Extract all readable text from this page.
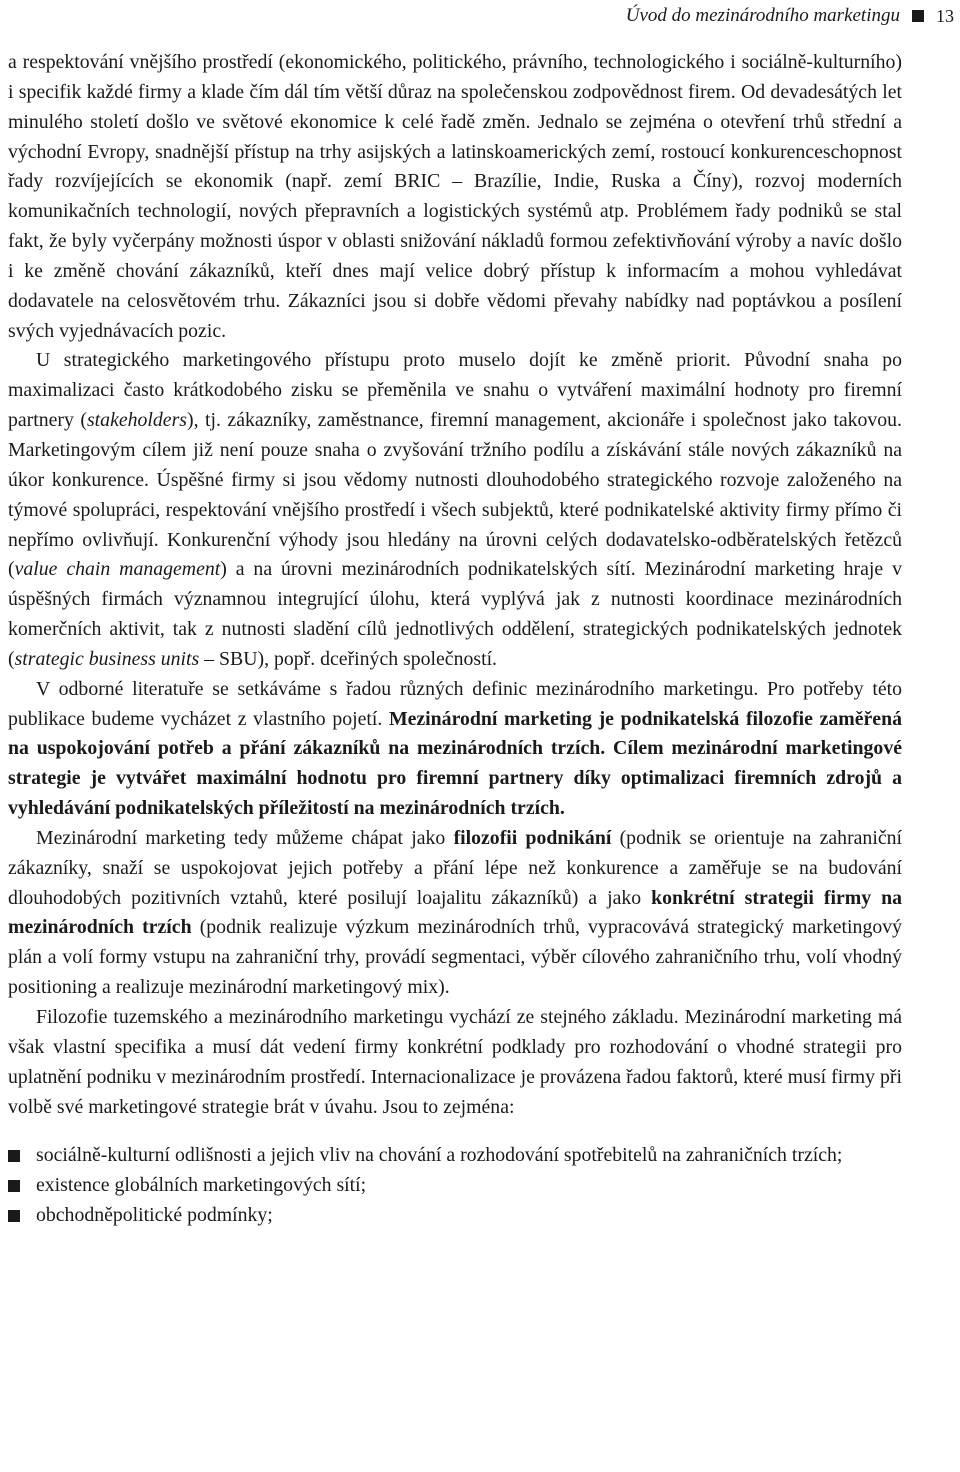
Úvod do mezinárodního marketingu 13

a respektování vnějšího prostředí (ekonomického, politického, právního, technologického i sociálně-kulturního) i specifik každé firmy a klade čím dál tím větší důraz na společenskou zodpovědnost firem. Od devadesátých let minulého století došlo ve světové ekonomice k celé řadě změn. Jednalo se zejména o otevření trhů střední a východní Evropy, snadnější přístup na trhy asijských a latinskoamerických zemí, rostoucí konkurenceschopnost řady rozvíjejících se ekonomik (např. zemí BRIC – Brazílie, Indie, Ruska a Číny), rozvoj moderních komunikačních technologií, nových přepravních a logistických systémů atp. Problémem řady podniků se stal fakt, že byly vyčerpány možnosti úspor v oblasti snižování nákladů formou zefektivňování výroby a navíc došlo i ke změně chování zákazníků, kteří dnes mají velice dobrý přístup k informacím a mohou vyhledávat dodavatele na celosvětovém trhu. Zákazníci jsou si dobře vědomi převahy nabídky nad poptávkou a posílení svých vyjednávacích pozic.

U strategického marketingového přístupu proto muselo dojít ke změně priorit. Původní snaha po maximalizaci často krátkodobého zisku se přeměnila ve snahu o vytváření maximální hodnoty pro firemní partnery (stakeholders), tj. zákazníky, zaměstnance, firemní management, akcionáře i společnost jako takovou. Marketingovým cílem již není pouze snaha o zvyšování tržního podílu a získávání stále nových zákazníků na úkor konkurence. Úspěšné firmy si jsou vědomy nutnosti dlouhodobého strategického rozvoje založeného na týmové spolupráci, respektování vnějšího prostředí i všech subjektů, které podnikatelské aktivity firmy přímo či nepřímo ovlivňují. Konkurenční výhody jsou hledány na úrovni celých dodavatelsko-odběratelských řetězců (value chain management) a na úrovni mezinárodních podnikatelských sítí. Mezinárodní marketing hraje v úspěšných firmách významnou integrující úlohu, která vyplývá jak z nutnosti koordinace mezinárodních komerčních aktivit, tak z nutnosti sladění cílů jednotlivých oddělení, strategických podnikatelských jednotek (strategic business units – SBU), popř. dceřiných společností.

V odborné literatuře se setkáváme s řadou různých definic mezinárodního marketingu. Pro potřeby této publikace budeme vycházet z vlastního pojetí. Mezinárodní marketing je podnikatelská filozofie zaměřená na uspokojování potřeb a přání zákazníků na mezinárodních trzích. Cílem mezinárodní marketingové strategie je vytvářet maximální hodnotu pro firemní partnery díky optimalizaci firemních zdrojů a vyhledávání podnikatelských příležitostí na mezinárodních trzích.

Mezinárodní marketing tedy můžeme chápat jako filozofii podnikání (podnik se orientuje na zahraniční zákazníky, snaží se uspokojovat jejich potřeby a přání lépe než konkurence a zaměřuje se na budování dlouhodobých pozitivních vztahů, které posilují loajalitu zákazníků) a jako konkrétní strategii firmy na mezinárodních trzích (podnik realizuje výzkum mezinárodních trhů, vypracovává strategický marketingový plán a volí formy vstupu na zahraniční trhy, provádí segmentaci, výběr cílového zahraničního trhu, volí vhodný positioning a realizuje mezinárodní marketingový mix).

Filozofie tuzemského a mezinárodního marketingu vychází ze stejného základu. Mezinárodní marketing má však vlastní specifika a musí dát vedení firmy konkrétní podklady pro rozhodování o vhodné strategii pro uplatnění podniku v mezinárodním prostředí. Internacionalizace je provázena řadou faktorů, které musí firmy při volbě své marketingové strategie brát v úvahu. Jsou to zejména:

sociálně-kulturní odlišnosti a jejich vliv na chování a rozhodování spotřebitelů na zahraničních trzích;
existence globálních marketingových sítí;
obchodněpolitické podmínky;
